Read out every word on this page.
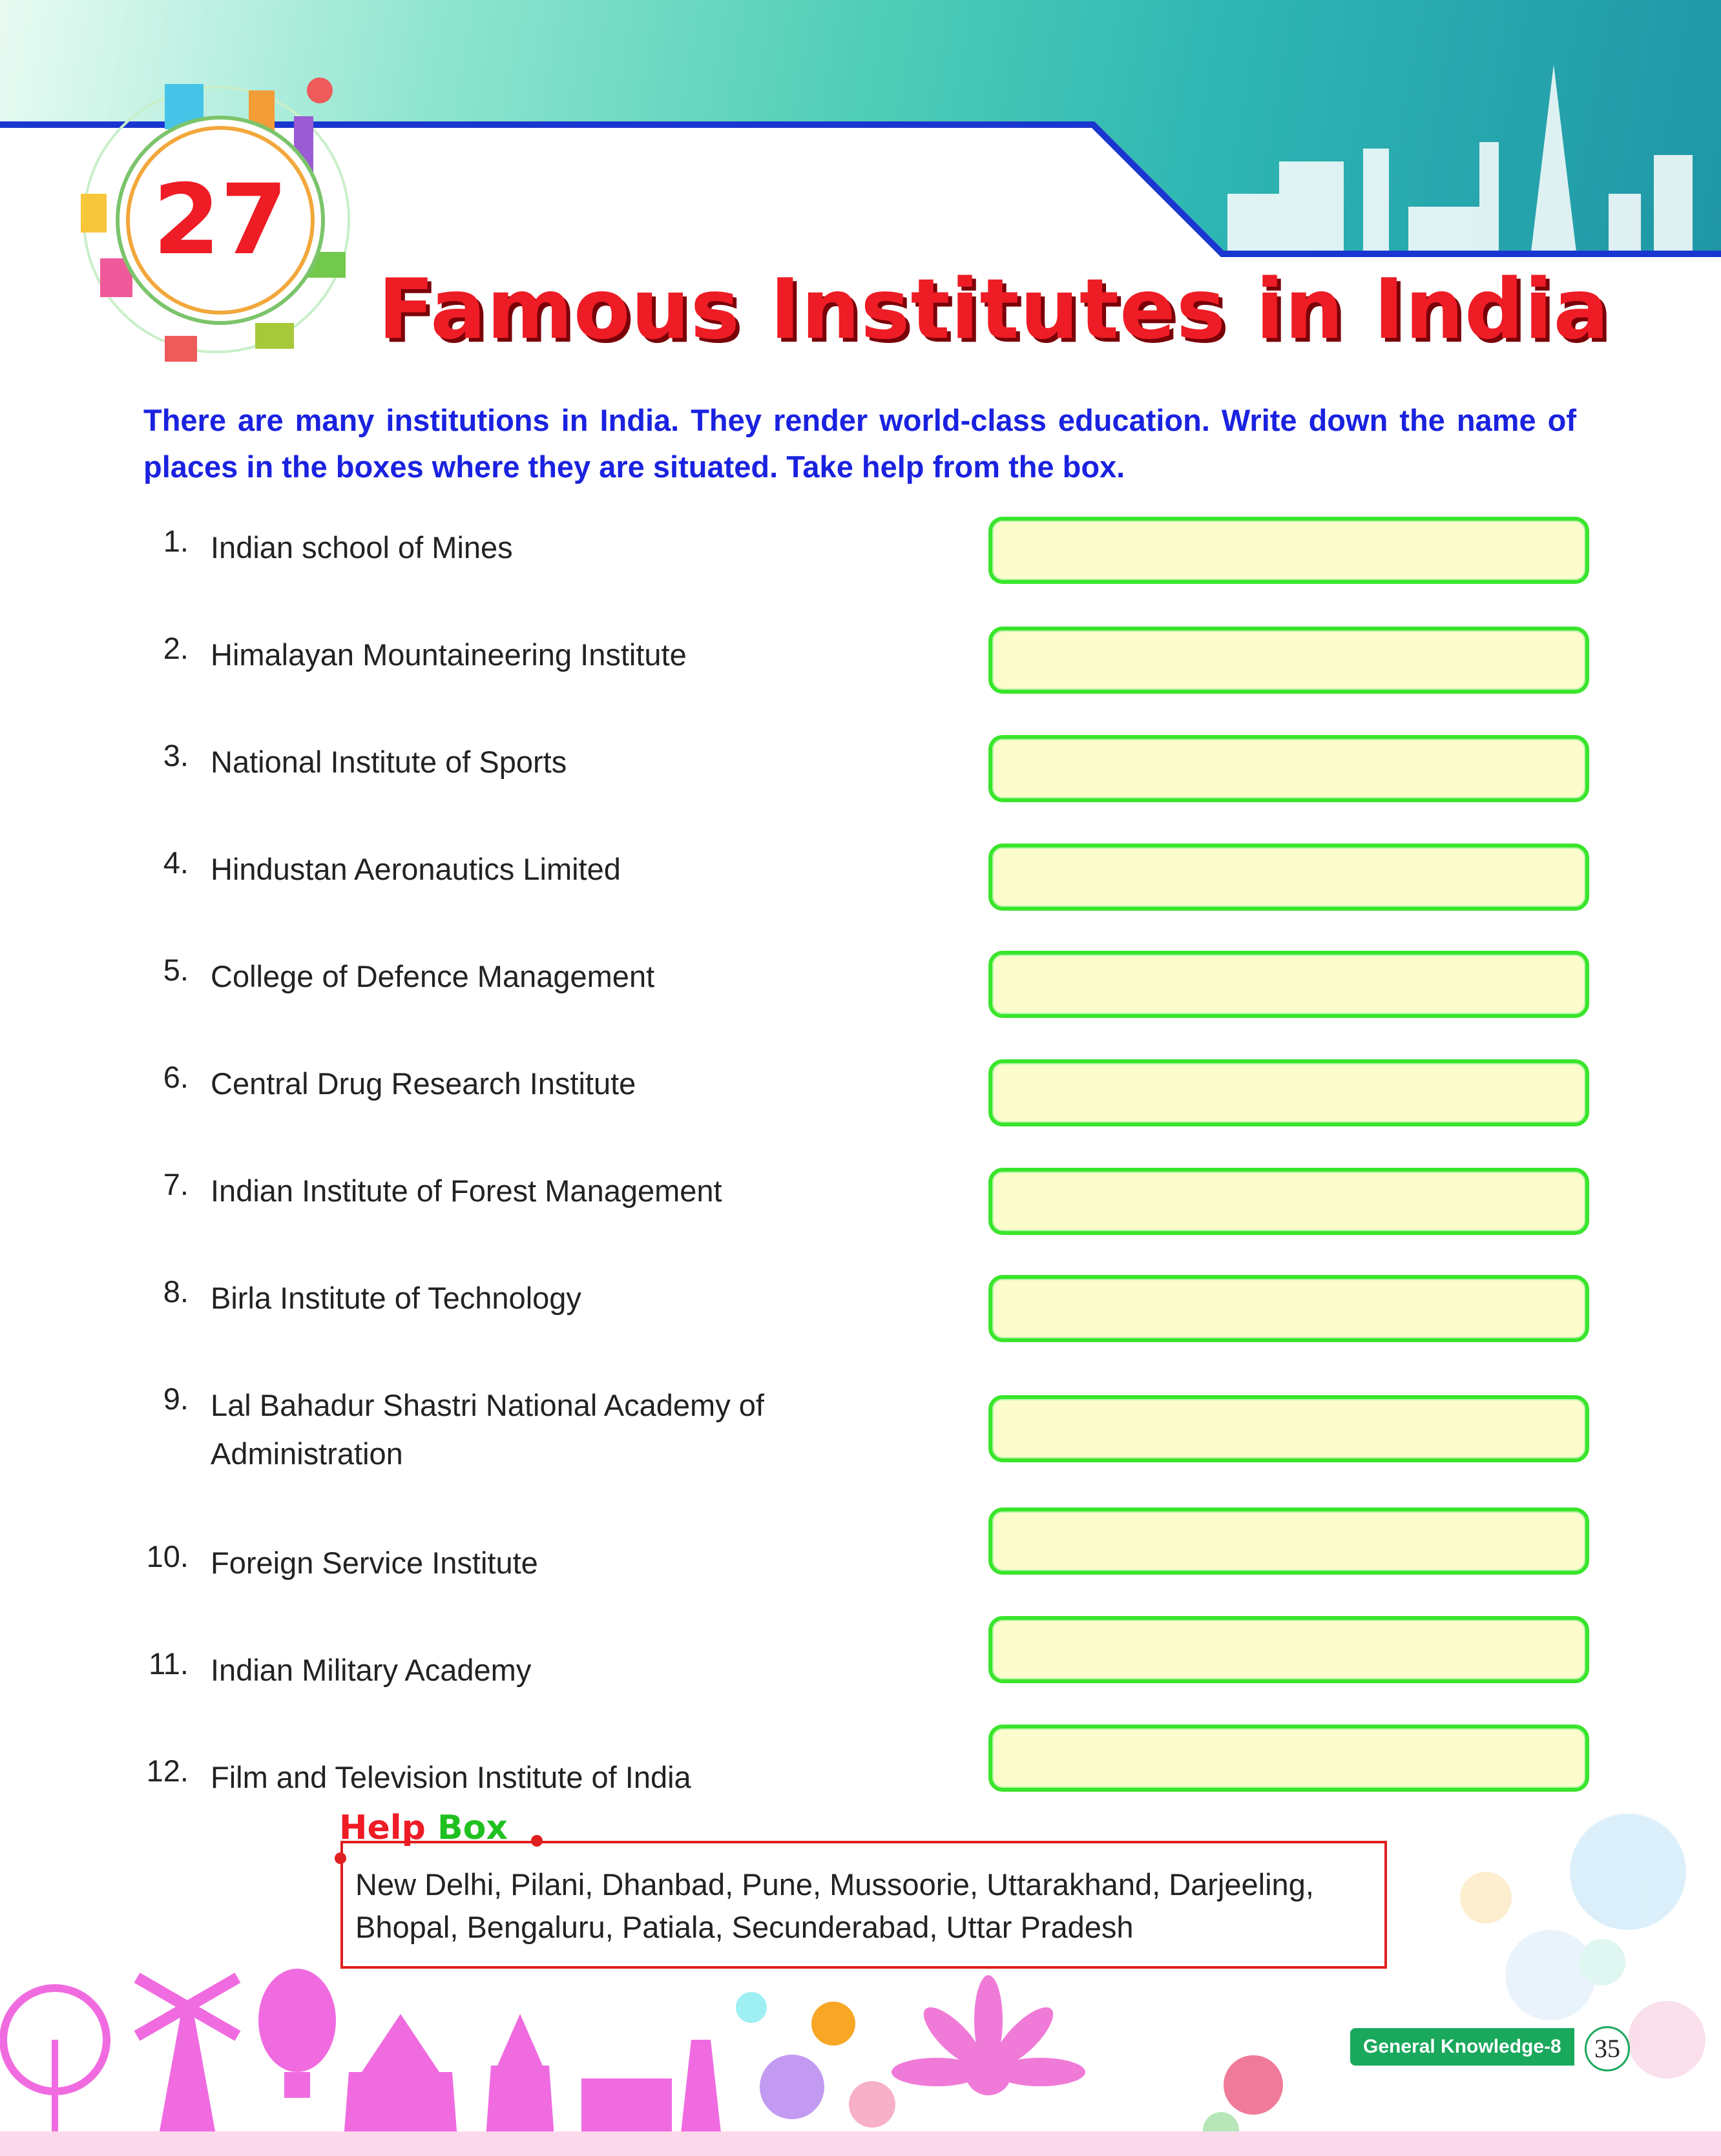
27
Famous Institutes in India
There are many institutions in India. They render world-class education. Write down the name of places in the boxes where they are situated. Take help from the box.
1. Indian school of Mines
2. Himalayan Mountaineering Institute
3. National Institute of Sports
4. Hindustan Aeronautics Limited
5. College of Defence Management
6. Central Drug Research Institute
7. Indian Institute of Forest Management
8. Birla Institute of Technology
9. Lal Bahadur Shastri National Academy of Administration
10. Foreign Service Institute
11. Indian Military Academy
12. Film and Television Institute of India
Help Box
New Delhi, Pilani, Dhanbad, Pune, Mussoorie, Uttarakhand, Darjeeling, Bhopal, Bengaluru, Patiala, Secunderabad, Uttar Pradesh
General Knowledge-8	35
